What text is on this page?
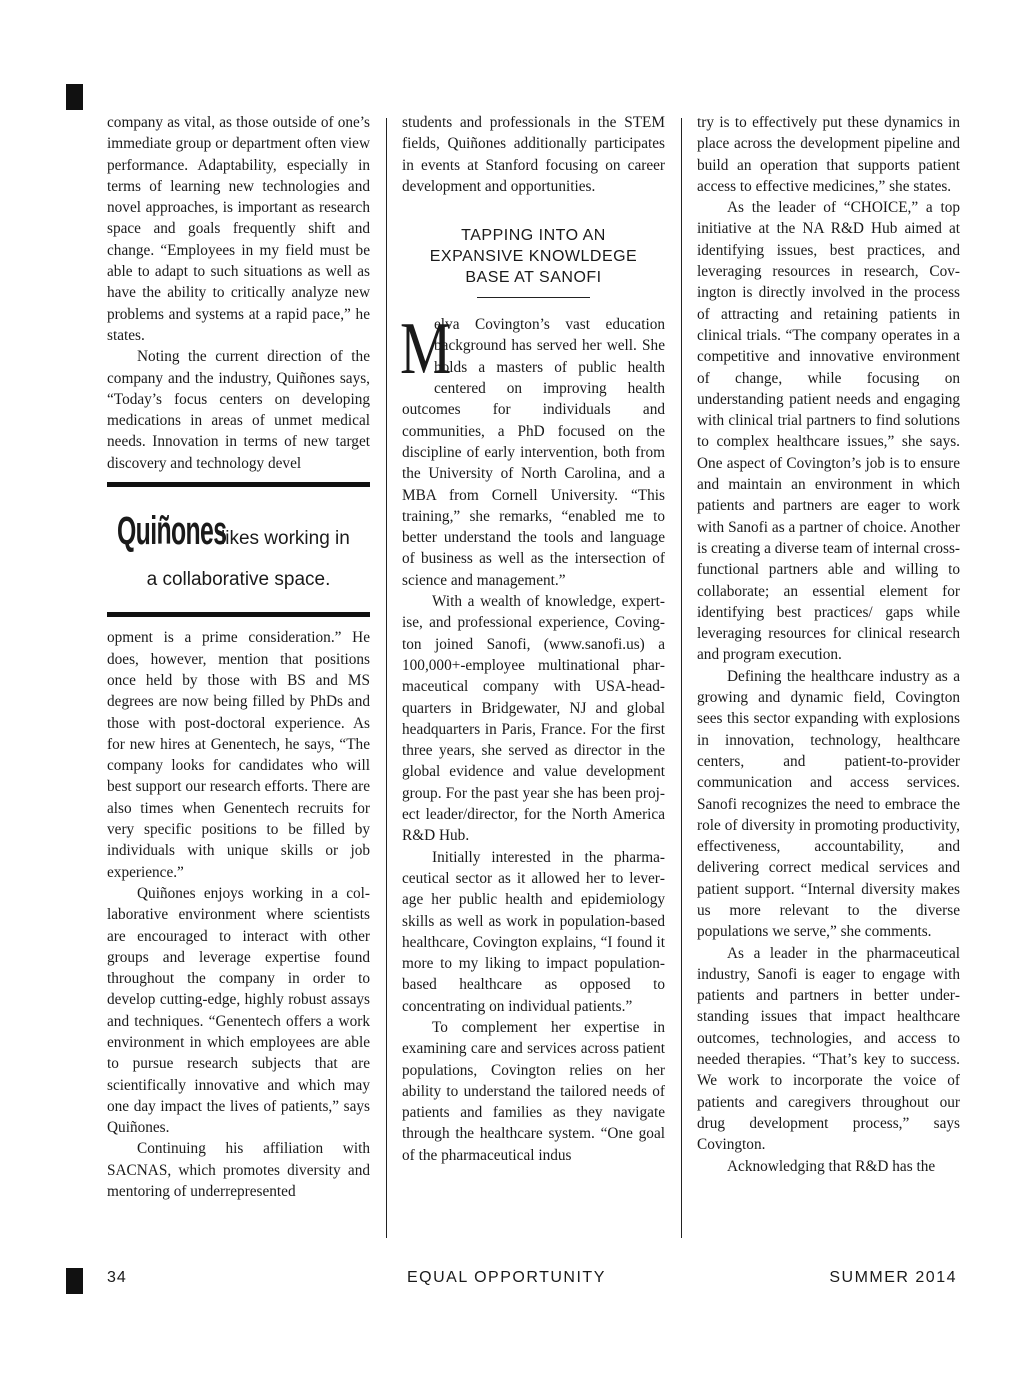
company as vital, as those outside of one’s immediate group or department often view performance. Adaptability, especially in terms of learning new technologies and novel approaches, is important as research space and goals frequently shift and change. “Employees in my field must be able to adapt to such situations as well as have the ability to critically analyze new problems and systems at a rapid pace,” he states.

Noting the current direction of the company and the industry, Quiñones says, “Today’s focus centers on developing medications in areas of unmet medical needs. Innovation in terms of new target discovery and technology devel

Quiñoneslikes working in
a collaborative space.

opment is a prime consideration.” He does, however, mention that positions once held by those with BS and MS degrees are now being filled by PhDs and those with post-doctoral experience. As for new hires at Genentech, he says, “The company looks for candidates who will best support our research efforts. There are also times when Genentech recruits for very specific positions to be filled by individuals with unique skills or job experience.”

Quiñones enjoys working in a collaborative environment where scientists are encouraged to interact with other groups and leverage expertise found throughout the company in order to develop cutting-edge, highly robust assays and techniques. “Genentech offers a work environment in which employees are able to pursue research subjects that are scientifically innovative and which may one day impact the lives of patients,” says Quiñones.

Continuing his affiliation with SACNAS, which promotes diversity and mentoring of underrepresented

students and professionals in the STEM fields, Quiñones additionally participates in events at Stanford focusing on career development and opportunities.

TAPPING INTO AN EXPANSIVE KNOWLDEGE BASE AT SANOFI
M

elva Covington’s vast education background has served her well. She holds a masters of public health centered on improving health outcomes for individuals and communities, a PhD focused on the discipline of early intervention, both from the University of North Carolina, and a MBA from Cornell University. “This training,” she remarks, “enabled me to better understand the tools and language of business as well as the intersection of science and management.”

With a wealth of knowledge, expertise, and professional experience, Covington joined Sanofi, (www.sanofi.us) a 100,000+-employee multinational pharmaceutical company with USA-headquarters in Bridgewater, NJ and global headquarters in Paris, France. For the first three years, she served as director in the global evidence and value development group. For the past year she has been project leader/director, for the North America R&D Hub.

Initially interested in the pharmaceutical sector as it allowed her to leverage her public health and epidemiology skills as well as work in population-based healthcare, Covington explains, “I found it more to my liking to impact population-based healthcare as opposed to concentrating on individual patients.”

To complement her expertise in examining care and services across patient populations, Covington relies on her ability to understand the tailored needs of patients and families as they navigate through the healthcare system. “One goal of the pharmaceutical indus

try is to effectively put these dynamics in place across the development pipeline and build an operation that supports patient access to effective medicines,” she states.

As the leader of “CHOICE,” a top initiative at the NA R&D Hub aimed at identifying issues, best practices, and leveraging resources in research, Covington is directly involved in the process of attracting and retaining patients in clinical trials. “The company operates in a competitive and innovative environment of change, while focusing on understanding patient needs and engaging with clinical trial partners to find solutions to complex healthcare issues,” she says. One aspect of Covington’s job is to ensure and maintain an environment in which patients and partners are eager to work with Sanofi as a partner of choice. Another is creating a diverse team of internal cross-functional partners able and willing to collaborate; an essential element for identifying best practices/ gaps while leveraging resources for clinical research and program execution.

Defining the healthcare industry as a growing and dynamic field, Covington sees this sector expanding with explosions in innovation, technology, healthcare centers, and patient-to-provider communication and access services. Sanofi recognizes the need to embrace the role of diversity in promoting productivity, effectiveness, accountability, and delivering correct medical services and patient support. “Internal diversity makes us more relevant to the diverse populations we serve,” she comments.

As a leader in the pharmaceutical industry, Sanofi is eager to engage with patients and partners in better understanding issues that impact healthcare outcomes, technologies, and access to needed therapies. “That’s key to success. We work to incorporate the voice of patients and caregivers throughout our drug development process,” says Covington.

Acknowledging that R&D has the

34	EQUAL OPPORTUNITY	SUMMER 2014
